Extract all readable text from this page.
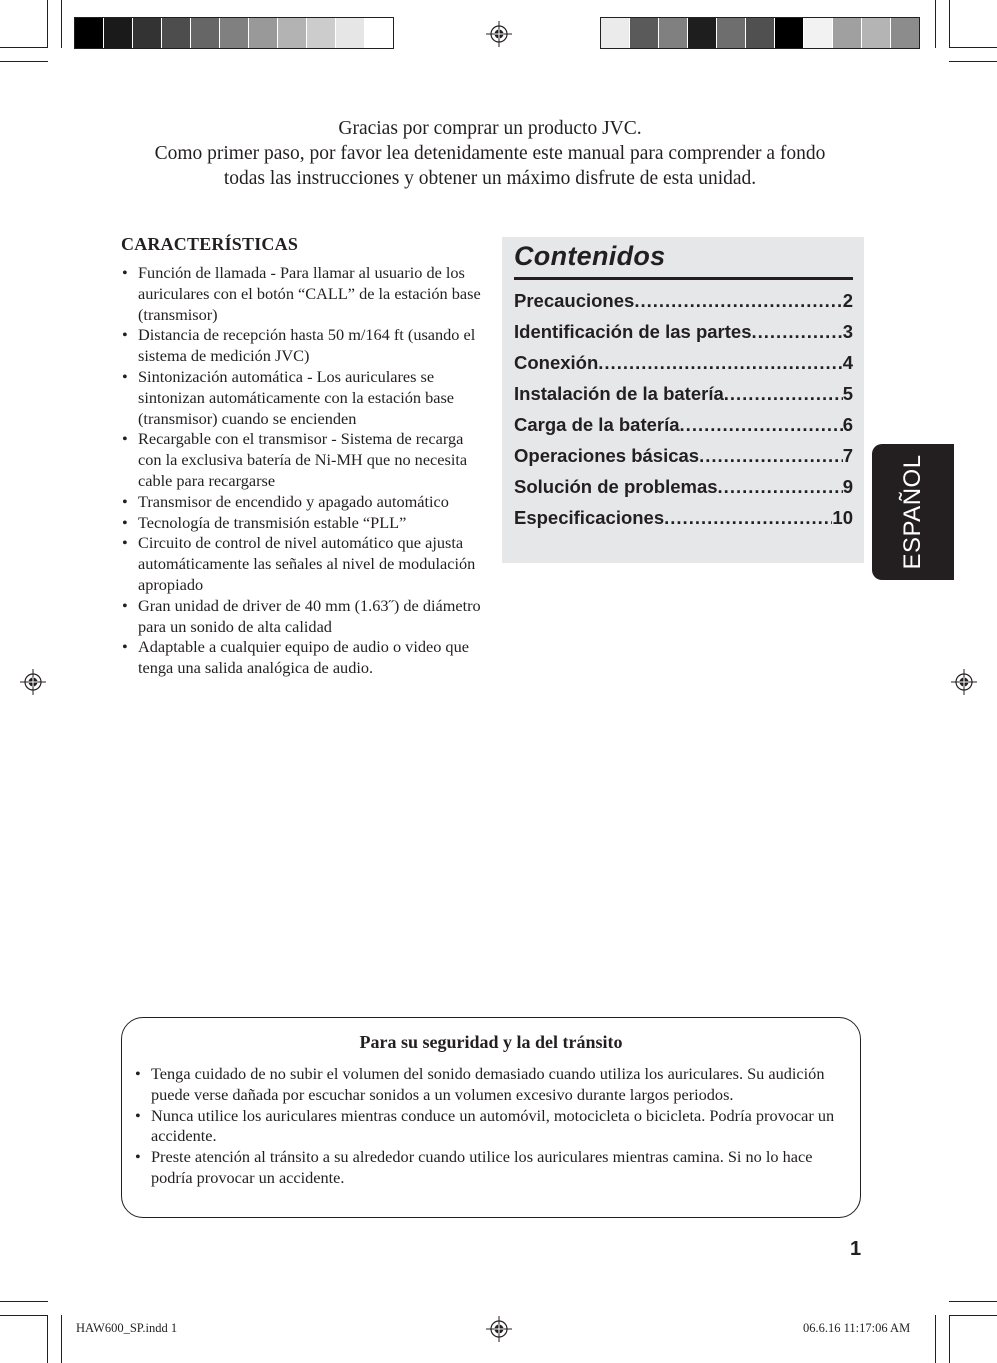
Gracias por comprar un producto JVC.
Como primer paso, por favor lea detenidamente este manual para comprender a fondo
todas las instrucciones y obtener un máximo disfrute de esta unidad.
CARACTERÍSTICAS
• Función de llamada - Para llamar al usuario de los auriculares con el botón “CALL” de la estación base (transmisor)
• Distancia de recepción hasta 50 m/164 ft (usando el sistema de medición JVC)
• Sintonización automática - Los auriculares se sintonizan automáticamente con la estación base (transmisor) cuando se encienden
• Recargable con el transmisor - Sistema de recarga con la exclusiva batería de Ni-MH que no necesita cable para recargarse
• Transmisor de encendido y apagado automático
• Tecnología de transmisión estable “PLL”
• Circuito de control de nivel automático que ajusta automáticamente las señales al nivel de modulación apropiado
• Gran unidad de driver de 40 mm (1.63˝) de diámetro para un sonido de alta calidad
• Adaptable a cualquier equipo de audio o video que tenga una salida analógica de audio.
Contenidos
Precauciones .....	2
Identificación de las partes .....	3
Conexión .....	4
Instalación de la batería .....	5
Carga de la batería .....	6
Operaciones básicas .....	7
Solución de problemas .....	9
Especificaciones .....	10 ESPAÑOL
Para su seguridad y la del tránsito
• Tenga cuidado de no subir el volumen del sonido demasiado cuando utiliza los auriculares. Su audición puede verse dañada por escuchar sonidos a un volumen excesivo durante largos periodos.
• Nunca utilice los auriculares mientras conduce un automóvil, motocicleta o bicicleta. Podría provocar un accidente.
• Preste atención al tránsito a su alrededor cuando utilice los auriculares mientras camina. Si no lo hace podría provocar un accidente.
1
HAW600_SP.indd 1	06.6.16 11:17:06 AM
